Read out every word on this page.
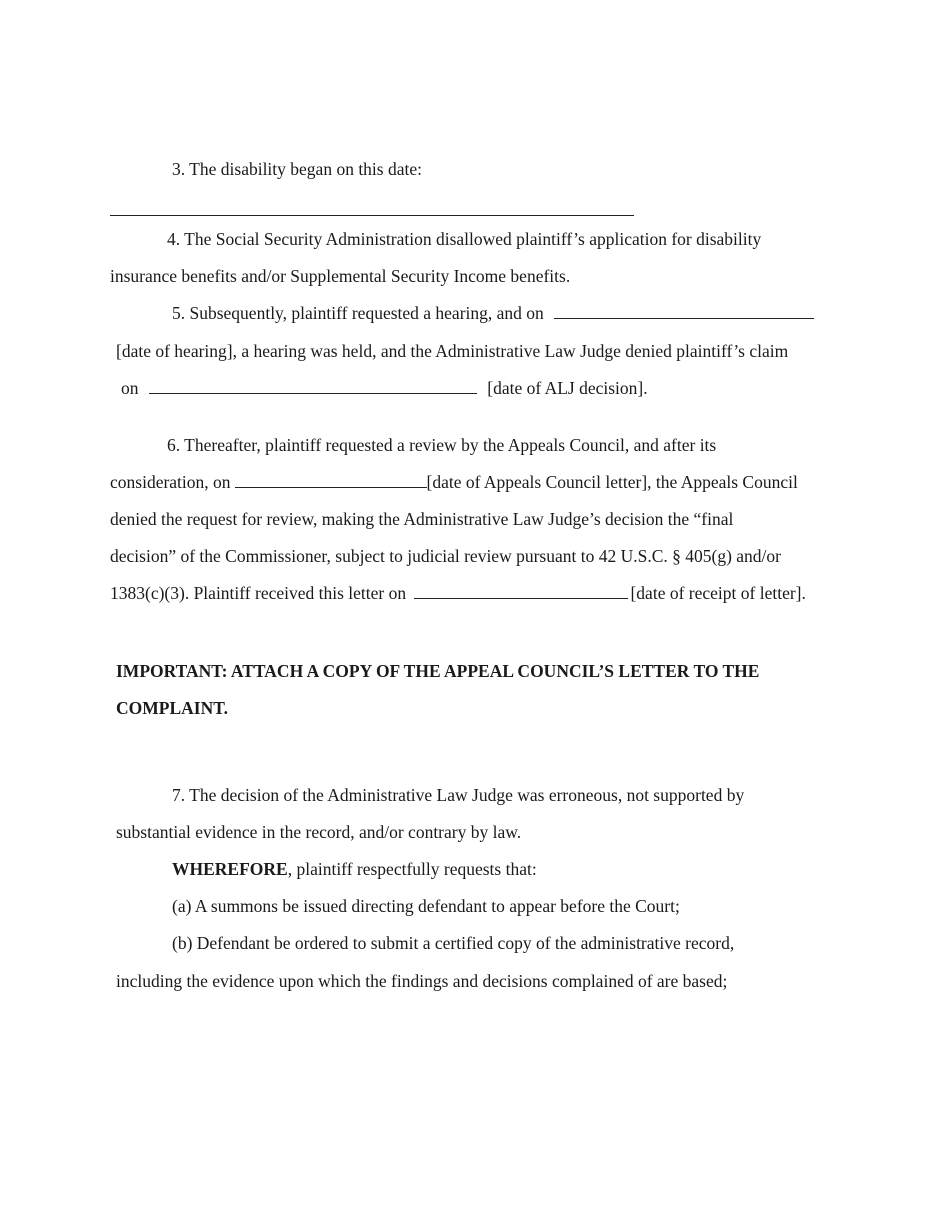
3. The disability began on this date:
4. The Social Security Administration disallowed plaintiff’s application for disability
insurance benefits and/or Supplemental Security Income benefits.
5. Subsequently, plaintiff requested a hearing, and on
[date of hearing], a hearing was held, and the Administrative Law Judge denied plaintiff’s claim
on	[date of ALJ decision].
6. Thereafter, plaintiff requested a review by the Appeals Council, and after its
consideration, on	[date of Appeals Council letter], the Appeals Council
denied the request for review, making the Administrative Law Judge’s decision the “final
decision” of the Commissioner, subject to judicial review pursuant to 42 U.S.C. § 405(g) and/or
1383(c)(3). Plaintiff received this letter on	[date of receipt of letter].
IMPORTANT: ATTACH A COPY OF THE APPEAL COUNCIL’S LETTER TO THE
COMPLAINT.
7. The decision of the Administrative Law Judge was erroneous, not supported by
substantial evidence in the record, and/or contrary by law.
WHEREFORE, plaintiff respectfully requests that:
(a) A summons be issued directing defendant to appear before the Court;
(b) Defendant be ordered to submit a certified copy of the administrative record,
including the evidence upon which the findings and decisions complained of are based;
